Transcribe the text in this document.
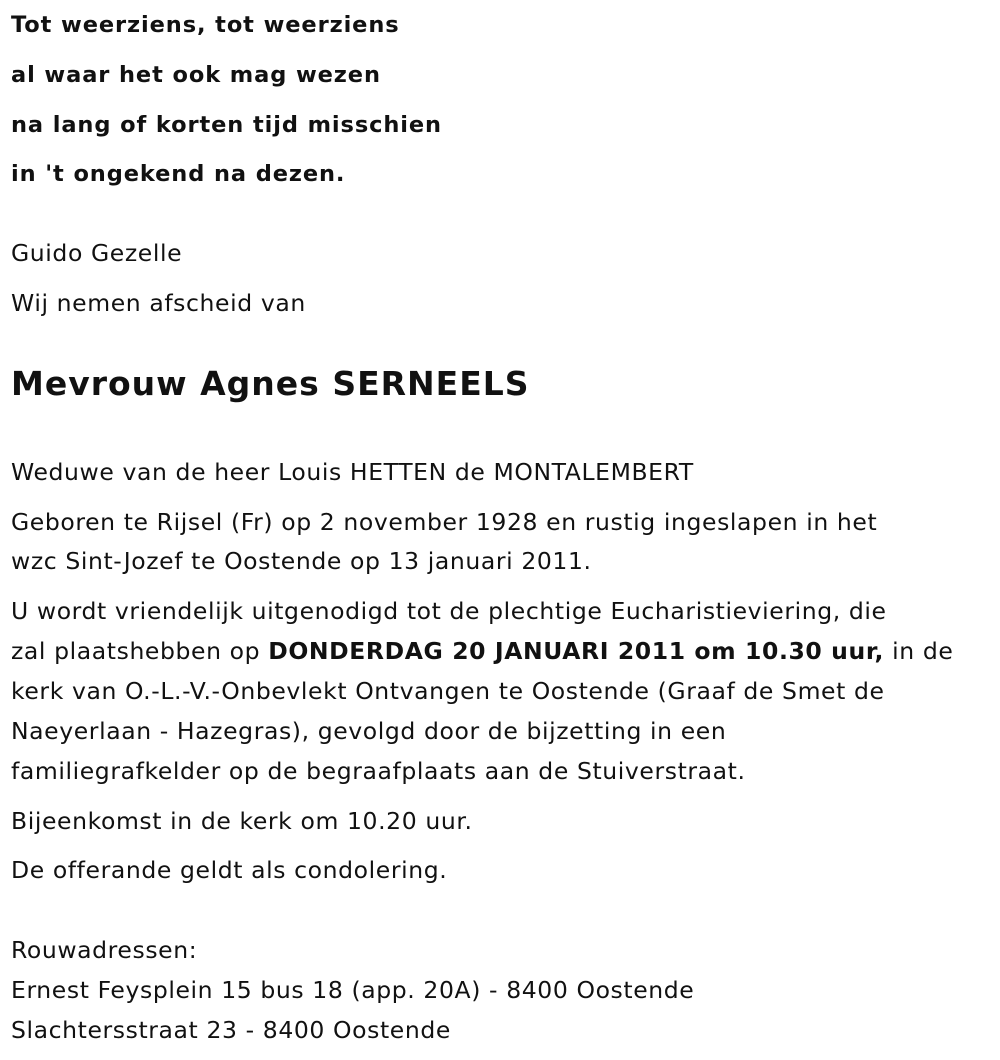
Tot weerziens, tot weerziens
al waar het ook mag wezen
na lang of korten tijd misschien
in 't ongekend na dezen.
Guido Gezelle
Wij nemen afscheid van
Mevrouw Agnes SERNEELS
Weduwe van de heer Louis HETTEN de MONTALEMBERT
Geboren te Rijsel (Fr) op 2 november 1928 en rustig ingeslapen in het
wzc Sint-Jozef te Oostende op 13 januari 2011.
U wordt vriendelijk uitgenodigd tot de plechtige Eucharistieviering, die
zal plaatshebben op DONDERDAG 20 JANUARI 2011 om 10.30 uur, in de
kerk van O.-L.-V.-Onbevlekt Ontvangen te Oostende (Graaf de Smet de
Naeyerlaan - Hazegras), gevolgd door de bijzetting in een
familiegrafkelder op de begraafplaats aan de Stuiverstraat.
Bijeenkomst in de kerk om 10.20 uur.
De offerande geldt als condolering.
Rouwadressen:
Ernest Feysplein 15 bus 18 (app. 20A) - 8400 Oostende
Slachtersstraat 23 - 8400 Oostende
